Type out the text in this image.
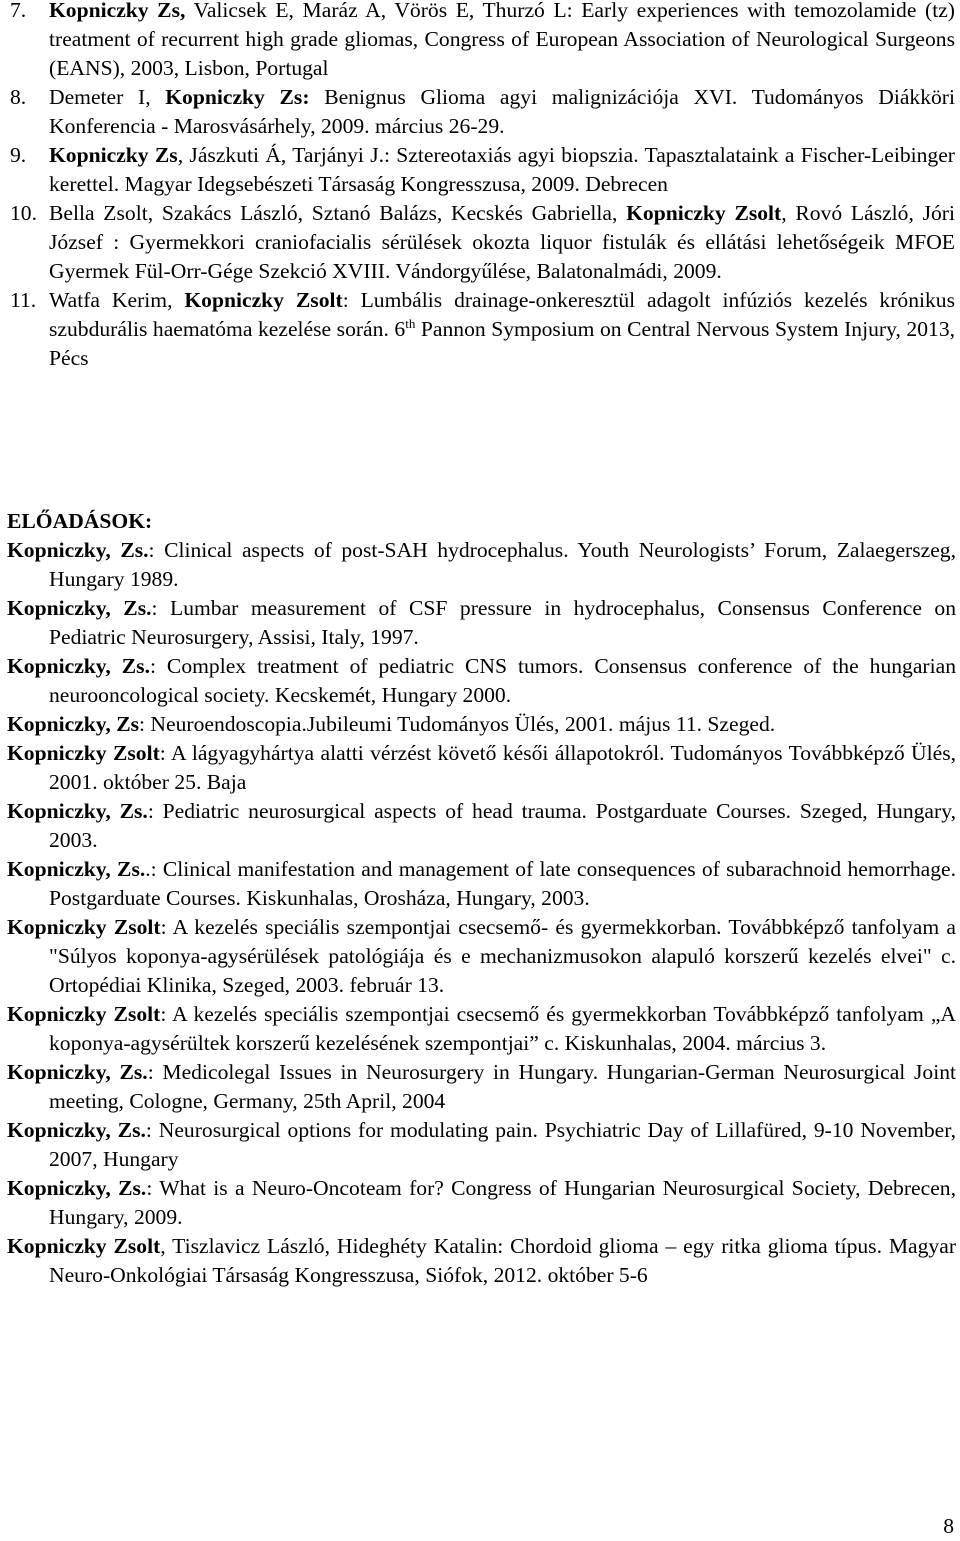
7. Kopniczky Zs, Valicsek E, Maráz A, Vörös E, Thurzó L: Early experiences with temozolamide (tz) treatment of recurrent high grade gliomas, Congress of European Association of Neurological Surgeons (EANS), 2003, Lisbon, Portugal
8. Demeter I, Kopniczky Zs: Benignus Glioma agyi malignizációja XVI. Tudományos Diákköri Konferencia - Marosvásárhely, 2009. március 26-29.
9. Kopniczky Zs, Jászkuti Á, Tarjányi J.: Sztereotaxiás agyi biopszia. Tapasztalataink a Fischer-Leibinger kerettel. Magyar Idegsebészeti Társaság Kongresszusa, 2009. Debrecen
10. Bella Zsolt, Szakács László, Sztanó Balázs, Kecskés Gabriella, Kopniczky Zsolt, Rovó László, Jóri József : Gyermekkori craniofacialis sérülések okozta liquor fistulák és ellátási lehetőségeik MFOE Gyermek Fül-Orr-Gége Szekció XVIII. Vándorgyűlése, Balatonalmádi, 2009.
11. Watfa Kerim, Kopniczky Zsolt: Lumbális drainage-onkeresztül adagolt infúziós kezelés krónikus szubdurális haematóma kezelése során. 6th Pannon Symposium on Central Nervous System Injury, 2013, Pécs
ELŐADÁSOK:
Kopniczky, Zs.: Clinical aspects of post-SAH hydrocephalus. Youth Neurologists’ Forum, Zalaegerszeg, Hungary 1989.
Kopniczky, Zs.: Lumbar measurement of CSF pressure in hydrocephalus, Consensus Conference on Pediatric Neurosurgery, Assisi, Italy, 1997.
Kopniczky, Zs.: Complex treatment of pediatric CNS tumors. Consensus conference of the hungarian neurooncological society. Kecskemét, Hungary 2000.
Kopniczky, Zs: Neuroendoscopia.Jubileumi Tudományos Ülés, 2001. május 11. Szeged.
Kopniczky Zsolt: A lágyagyhártya alatti vérzést követő késői állapotokról. Tudományos Továbbképző Ülés, 2001. október 25. Baja
Kopniczky, Zs.: Pediatric neurosurgical aspects of head trauma. Postgarduate Courses. Szeged, Hungary, 2003.
Kopniczky, Zs..: Clinical manifestation and management of late consequences of subarachnoid hemorrhage. Postgarduate Courses. Kiskunhalas, Orosháza, Hungary, 2003.
Kopniczky Zsolt: A kezelés speciális szempontjai csecsemő- és gyermekkorban. Továbbképző tanfolyam a "Súlyos koponya-agysérülések patológiája és e mechanizmusokon alapuló korszerű kezelés elvei" c. Ortopédiai Klinika, Szeged, 2003. február 13.
Kopniczky Zsolt: A kezelés speciális szempontjai csecsemő és gyermekkorban Továbbképző tanfolyam „A koponya-agysérültek korszerű kezelésének szempontjai” c. Kiskunhalas, 2004. március 3.
Kopniczky, Zs.: Medicolegal Issues in Neurosurgery in Hungary. Hungarian-German Neurosurgical Joint meeting, Cologne, Germany, 25th April, 2004
Kopniczky, Zs.: Neurosurgical options for modulating pain. Psychiatric Day of Lillafüred, 9-10 November, 2007, Hungary
Kopniczky, Zs.: What is a Neuro-Oncoteam for? Congress of Hungarian Neurosurgical Society, Debrecen, Hungary, 2009.
Kopniczky Zsolt, Tiszlavicz László, Hideghéty Katalin: Chordoid glioma – egy ritka glioma típus. Magyar Neuro-Onkológiai Társaság Kongresszusa, Siófok, 2012. október 5-6
8
